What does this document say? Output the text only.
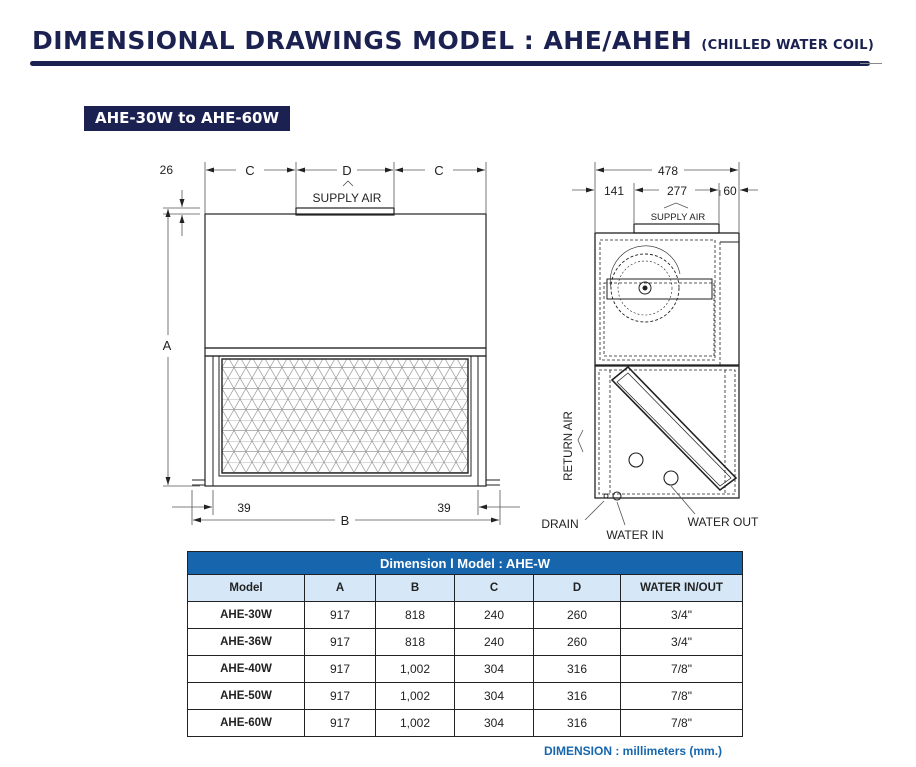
DIMENSIONAL DRAWINGS MODEL : AHE/AHEH (CHILLED WATER COIL)
AHE-30W to AHE-60W
26	C	D	C
SUPPLY AIR
A
39	39
B
478
141	277	60
SUPPLY AIR
RETURN AIR
DRAIN
WATER IN
WATER OUT
Dimension l Model : AHE-W					
Model	A	B	C	D	WATER IN/OUT
AHE-30W	917	818	240	260	3/4"
AHE-36W	917	818	240	260	3/4"
AHE-40W	917	1,002	304	316	7/8"
AHE-50W	917	1,002	304	316	7/8"
AHE-60W	917	1,002	304	316	7/8"
DIMENSION : millimeters (mm.)
